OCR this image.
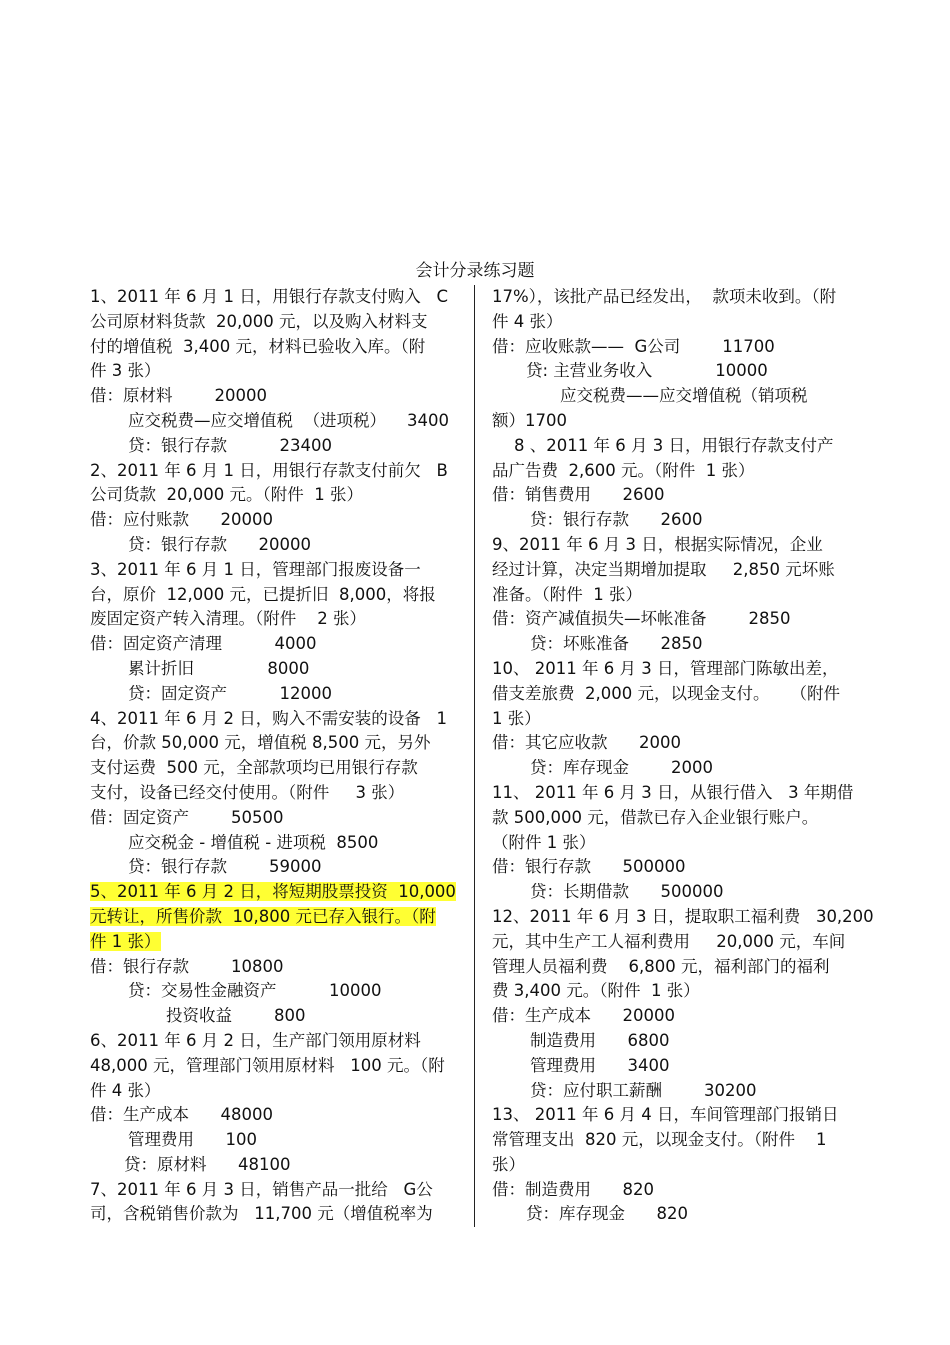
会计分录练习题
1、2011 年 6 月 1 日，用银行存款支付购入   C
公司原材料货款  20,000 元，以及购入材料支
付的增值税  3,400 元，材料已验收入库。（附
件 3 张）
借：原材料        20000
应交税费—应交增值税  （进项税）    3400
贷：银行存款          23400
2、2011 年 6 月 1 日，用银行存款支付前欠   B
公司货款  20,000 元。（附件  1 张）
借：应付账款      20000
贷：银行存款      20000
3、2011 年 6 月 1 日，管理部门报废设备一
台，原价  12,000 元，已提折旧  8,000，将报
废固定资产转入清理。（附件    2 张）
借：固定资产清理          4000
累计折旧              8000
贷：固定资产          12000
4、2011 年 6 月 2 日，购入不需安装的设备   1
台，价款 50,000 元，增值税 8,500 元，另外
支付运费  500 元，全部款项均已用银行存款
支付，设备已经交付使用。（附件     3 张）
借：固定资产        50500
应交税金 - 增值税 - 进项税  8500
贷：银行存款        59000
5、2011 年 6 月 2 日，将短期股票投资  10,000
元转让，所售价款  10,800 元已存入银行。（附
件 1 张）
借：银行存款        10800
贷：交易性金融资产          10000
投资收益        800
6、2011 年 6 月 2 日，生产部门领用原材料
48,000 元，管理部门领用原材料   100 元。（附
件 4 张）
借：生产成本      48000
管理费用      100
贷：原材料      48100
7、2011 年 6 月 3 日，销售产品一批给   G公
司，含税销售价款为   11,700 元（增值税率为
17%），该批产品已经发出，  款项未收到。（附
件 4 张）
借：应收账款——  G公司        11700
贷: 主营业务收入            10000
应交税费——应交增值税（销项税
额）1700
8 、2011 年 6 月 3 日，用银行存款支付产
品广告费  2,600 元。（附件  1 张）
借：销售费用      2600
贷：银行存款      2600
9、2011 年 6 月 3 日，根据实际情况，企业
经过计算，决定当期增加提取     2,850 元坏账
准备。（附件  1 张）
借：资产减值损失—坏帐准备        2850
贷：坏账准备      2850
10、 2011 年 6 月 3 日，管理部门陈敏出差，
借支差旅费  2,000 元，以现金支付。    （附件
1 张）
借：其它应收款      2000
贷：库存现金        2000
11、 2011 年 6 月 3 日，从银行借入   3 年期借
款 500,000 元，借款已存入企业银行账户。
（附件 1 张）
借：银行存款      500000
贷：长期借款      500000
12、2011 年 6 月 3 日，提取职工福利费   30,200
元，其中生产工人福利费用     20,000 元，车间
管理人员福利费    6,800 元，福利部门的福利
费 3,400 元。（附件  1 张）
借：生产成本      20000
制造费用      6800
管理费用      3400
贷：应付职工薪酬        30200
13、 2011 年 6 月 4 日，车间管理部门报销日
常管理支出  820 元，以现金支付。（附件    1
张）
借：制造费用      820
贷：库存现金      820
